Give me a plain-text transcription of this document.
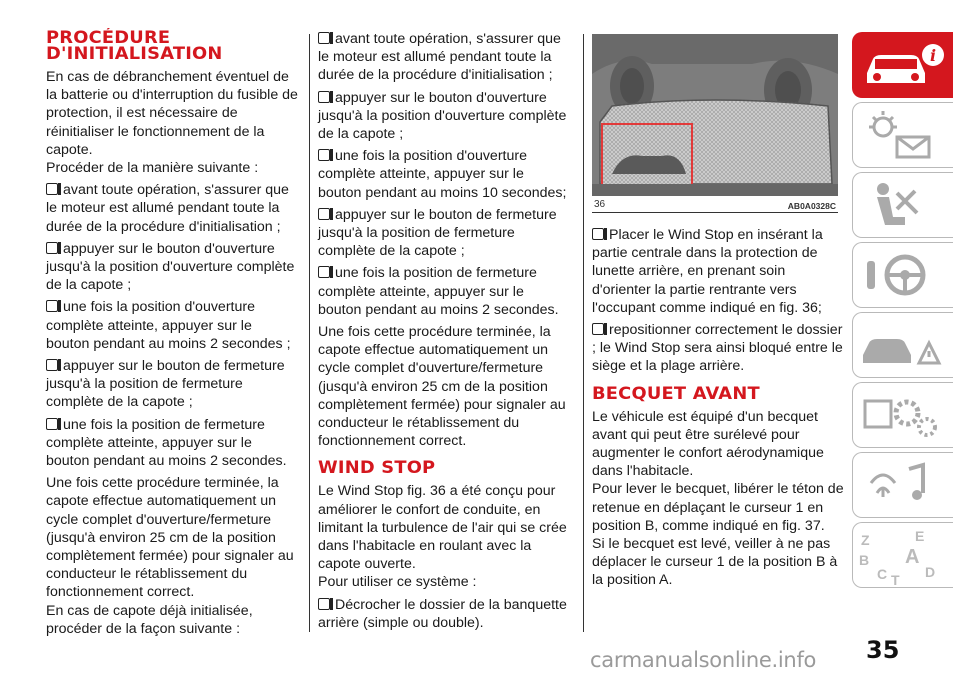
PROCÉDURE D'INITIALISATION

En cas de débranchement éventuel de la batterie ou d'interruption du fusible de protection, il est nécessaire de réinitialiser le fonctionnement de la capote.
Procéder de la manière suivante :

avant toute opération, s'assurer que le moteur est allumé pendant toute la durée de la procédure d'initialisation ;

appuyer sur le bouton d'ouverture jusqu'à la position d'ouverture complète de la capote ;

une fois la position d'ouverture complète atteinte, appuyer sur le bouton pendant au moins 2 secondes ;

appuyer sur le bouton de fermeture jusqu'à la position de fermeture complète de la capote ;

une fois la position de fermeture complète atteinte, appuyer sur le bouton pendant au moins 2 secondes.

Une fois cette procédure terminée, la capote effectue automatiquement un cycle complet d'ouverture/fermeture (jusqu'à environ 25 cm de la position complètement fermée) pour signaler au conducteur le rétablissement du fonctionnement correct.
En cas de capote déjà initialisée, procéder de la façon suivante :

avant toute opération, s'assurer que le moteur est allumé pendant toute la durée de la procédure d'initialisation ;

appuyer sur le bouton d'ouverture jusqu'à la position d'ouverture complète de la capote ;

une fois la position d'ouverture complète atteinte, appuyer sur le bouton pendant au moins 10 secondes;

appuyer sur le bouton de fermeture jusqu'à la position de fermeture complète de la capote ;

une fois la position de fermeture complète atteinte, appuyer sur le bouton pendant au moins 2 secondes.

Une fois cette procédure terminée, la capote effectue automatiquement un cycle complet d'ouverture/fermeture (jusqu'à environ 25 cm de la position complètement fermée) pour signaler au conducteur le rétablissement du fonctionnement correct.

WIND STOP

Le Wind Stop fig. 36 a été conçu pour améliorer le confort de conduite, en limitant la turbulence de l'air qui se crée dans l'habitacle en roulant avec la capote ouverte.
Pour utiliser ce système :

Décrocher le dossier de la banquette arrière (simple ou double).

36	AB0A0328C

Placer le Wind Stop en insérant la partie centrale dans la protection de lunette arrière, en prenant soin d'orienter la partie rentrante vers l'occupant comme indiqué en fig. 36;

repositionner correctement le dossier ; le Wind Stop sera ainsi bloqué entre le siège et la plage arrière.

BECQUET AVANT

Le véhicule est équipé d'un becquet avant qui peut être surélevé pour augmenter le confort aérodynamique dans l'habitacle.
Pour lever le becquet, libérer le téton de retenue en déplaçant le curseur 1 en position B, comme indiqué en fig. 37.
Si le becquet est levé, veiller à ne pas déplacer le curseur 1 de la position B à la position A.

i
Z	E
B A
C T D
35
carmanualsonline.info
